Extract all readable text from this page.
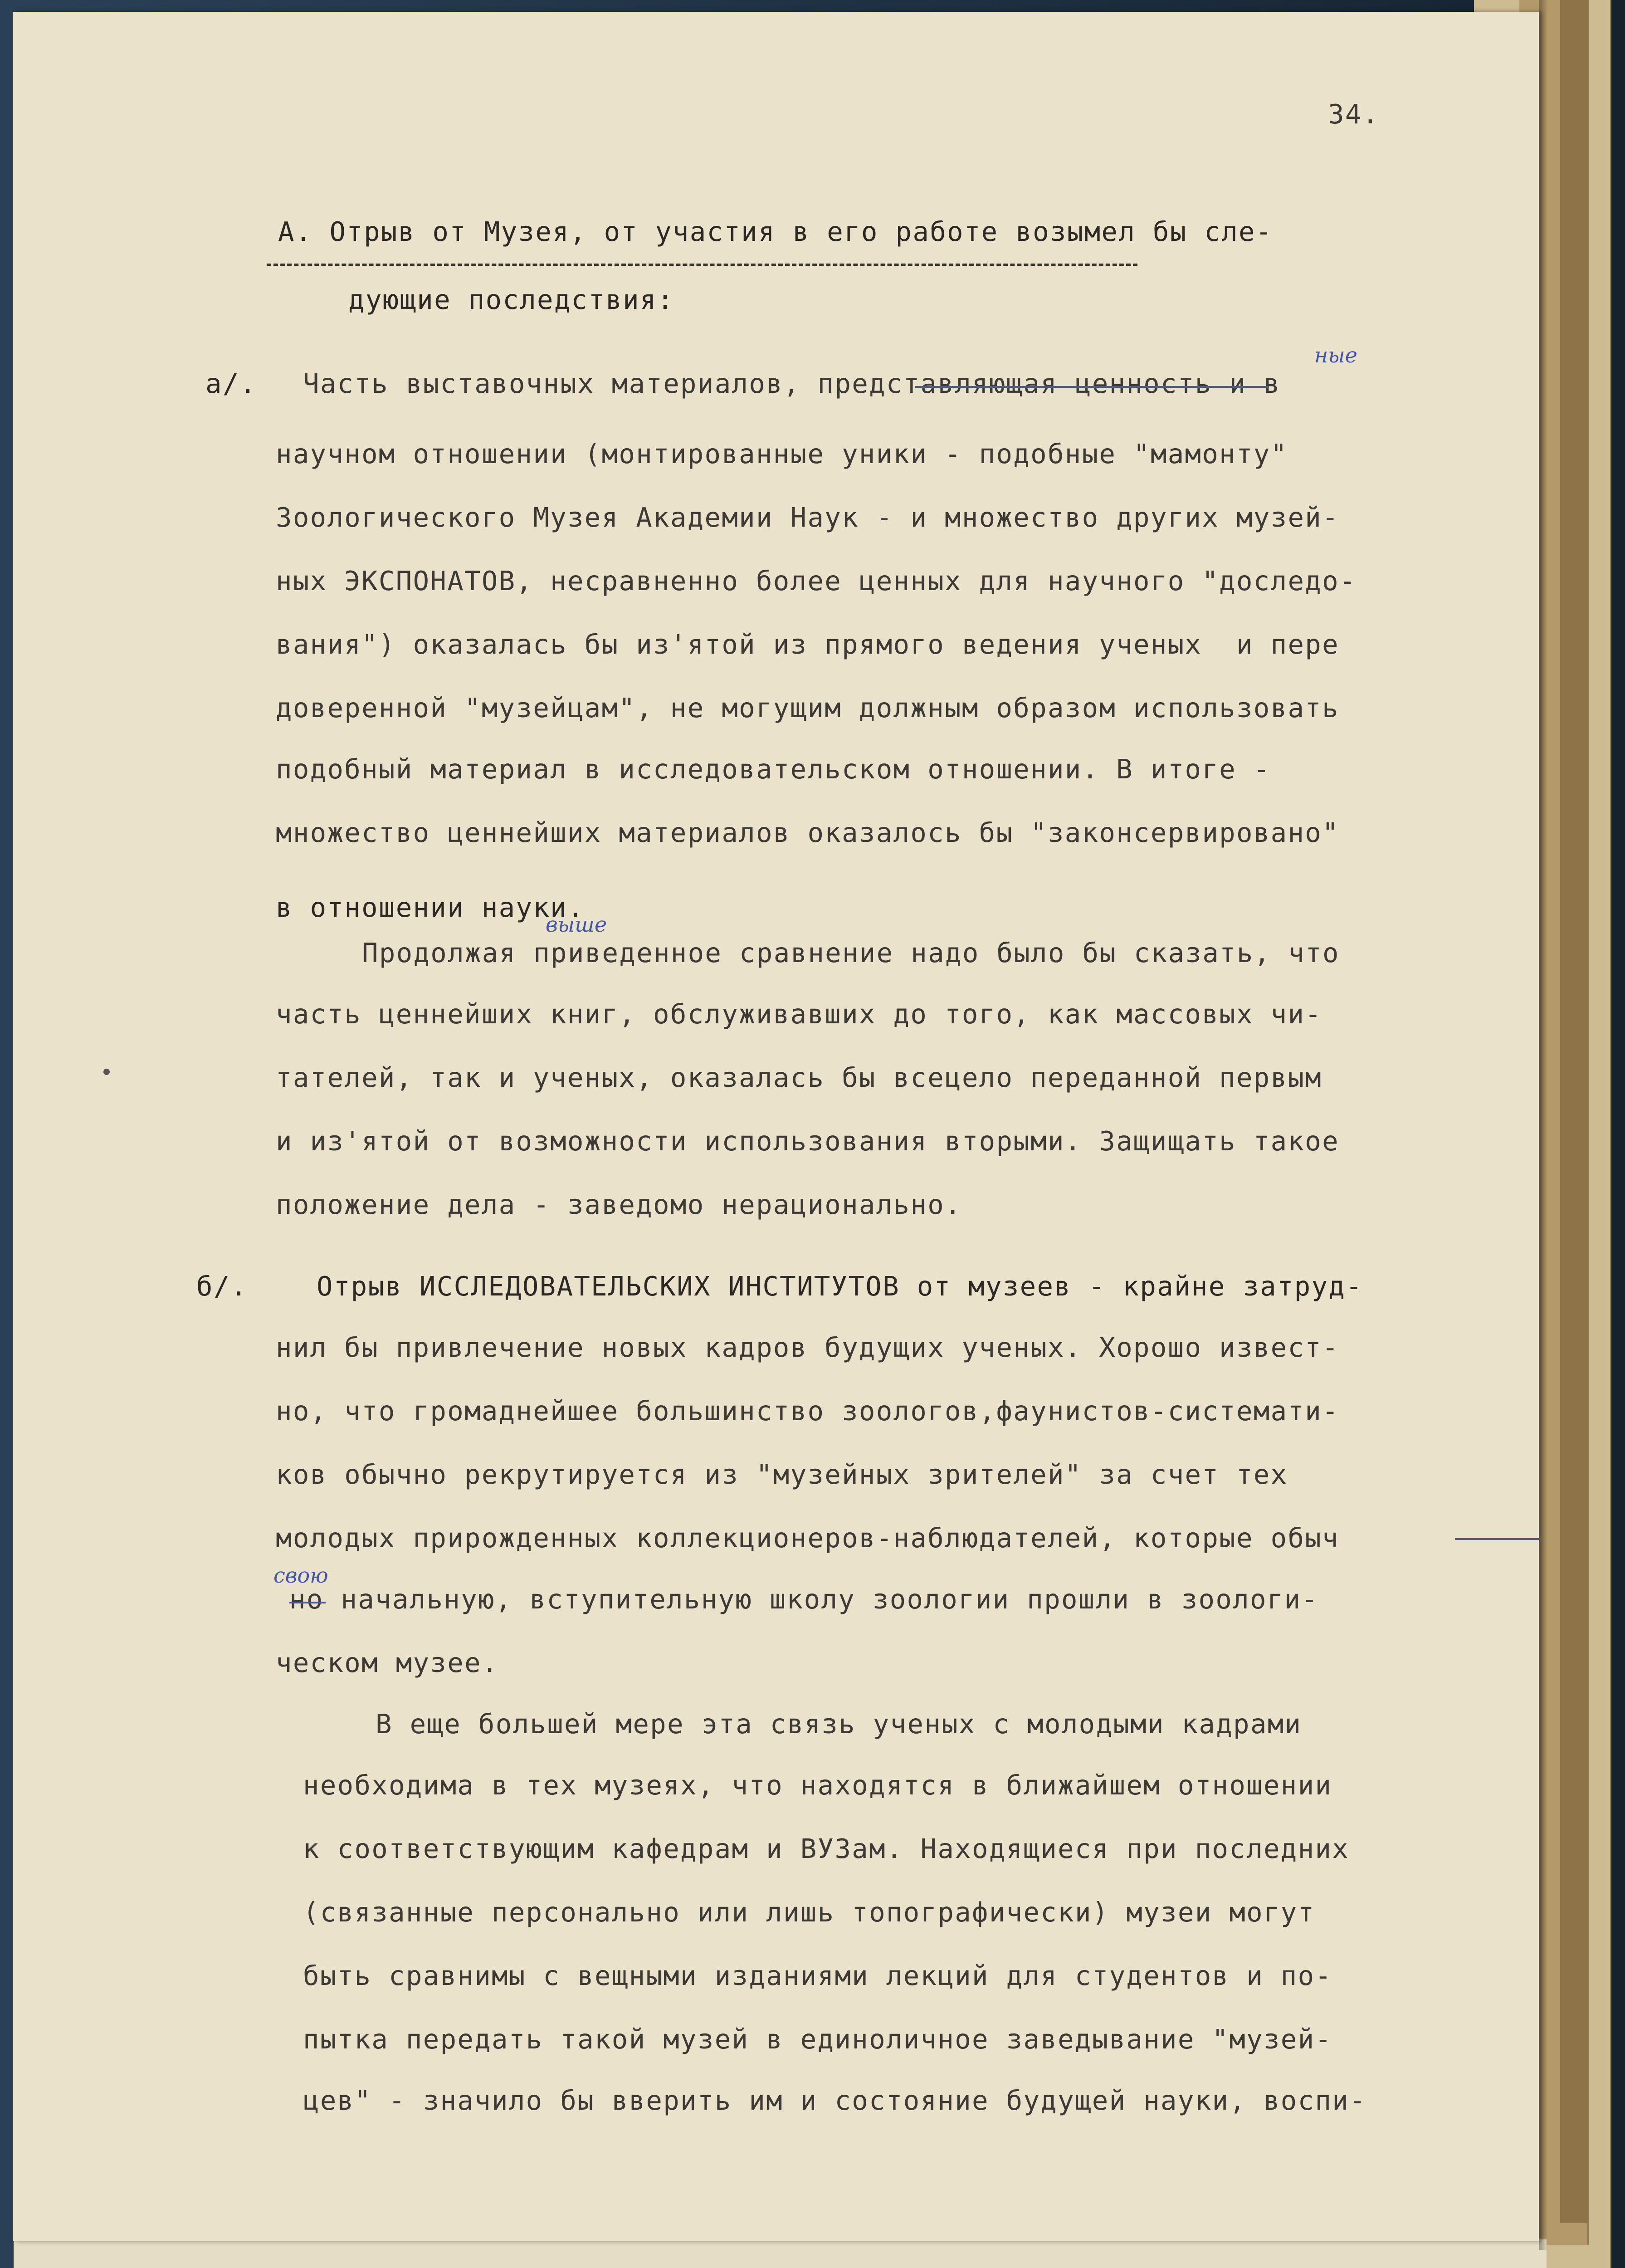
34.
А. Отрыв от Музея, от участия в его работе возымел бы сле-
дующие последствия:
а/. Часть выставочных материалов, представляющая ценность и в
ные
научном отношении (монтированные уники - подобные "мамонту"
Зоологического Музея Академии Наук - и множество других музей-
ных ЭКСПОНАТОВ, несравненно более ценных для научного "доследо-
вания") оказалась бы из'ятой из прямого ведения ученых  и пере
доверенной "музейцам", не могущим должным образом использовать
подобный материал в исследовательском отношении. В итоге -
множество ценнейших материалов оказалось бы "законсервировано"
в отношении науки.
выше
Продолжая приведенное сравнение надо было бы сказать, что
часть ценнейших книг, обслуживавших до того, как массовых чи-
тателей, так и ученых, оказалась бы всецело переданной первым
и из'ятой от возможности использования вторыми. Защищать такое
положение дела - заведомо нерационально.
б/.	Отрыв ИССЛЕДОВАТЕЛЬСКИХ ИНСТИТУТОВ от музеев - крайне затруд-
нил бы привлечение новых кадров будущих ученых. Хорошо извест-
но, что громаднейшее большинство зоологов,фаунистов-системати-
ков обычно рекрутируется из "музейных зрителей" за счет тех
молодых прирожденных коллекционеров-наблюдателей, которые обыч
свою
но начальную, вступительную школу зоологии прошли в зоологи-
ческом музее.
В еще большей мере эта связь ученых с молодыми кадрами
необходима в тех музеях, что находятся в ближайшем отношении
к соответствующим кафедрам и ВУЗам. Находящиеся при последних
(связанные персонально или лишь топографически) музеи могут
быть сравнимы с вещными изданиями лекций для студентов и по-
пытка передать такой музей в единоличное заведывание "музей-
цев" - значило бы вверить им и состояние будущей науки, воспи-
